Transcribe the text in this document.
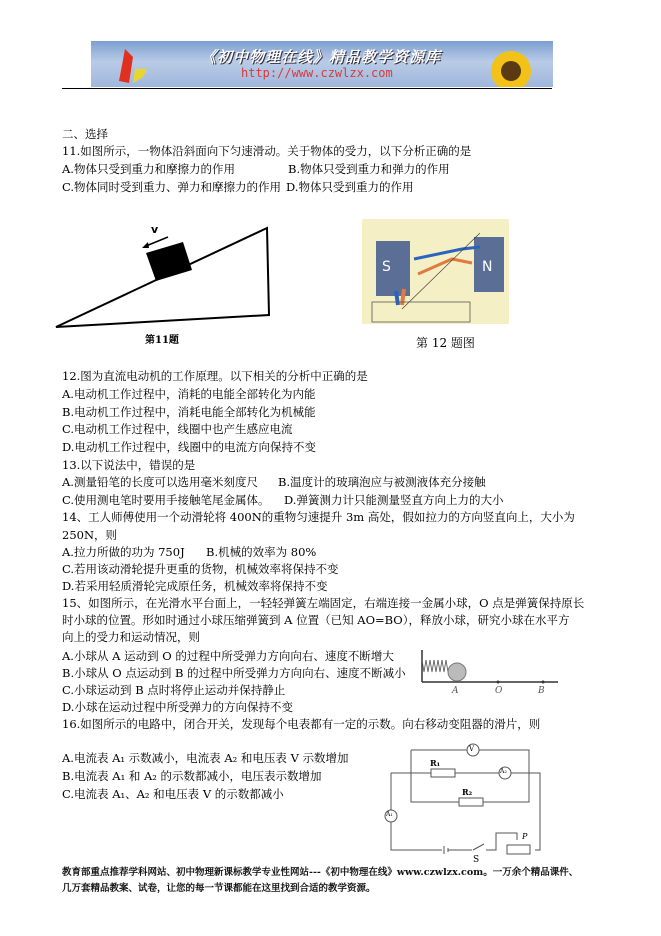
《初中物理在线》精品教学资源库
http://www.czwlzx.com
二、选择
11.如图所示，一物体沿斜面向下匀速滑动。关于物体的受力，以下分析正确的是
A.物体只受到重力和摩擦力的作用	B.物体只受到重力和弹力的作用
C.物体同时受到重力、弹力和摩擦力的作用 D.物体只受到重力的作用
v
第11题
S	N
第 12 题图
12.图为直流电动机的工作原理。以下相关的分析中正确的是
A.电动机工作过程中，消耗的电能全部转化为内能
B.电动机工作过程中，消耗电能全部转化为机械能
C.电动机工作过程中，线圈中也产生感应电流
D.电动机工作过程中，线圈中的电流方向保持不变
13.以下说法中，错误的是
A.测量铅笔的长度可以选用毫米刻度尺 B.温度计的玻璃泡应与被测液体充分接触
C.使用测电笔时要用手接触笔尾金属体。 D.弹簧测力计只能测量竖直方向上力的大小
14、工人师傅使用一个动滑轮将 400N的重物匀速提升 3m 高处，假如拉力的方向竖直向上，大小为
250N，则
A.拉力所做的功为 750J B.机械的效率为 80%
C.若用该动滑轮提升更重的货物，机械效率将保持不变
D.若采用轻质滑轮完成原任务，机械效率将保持不变
15、如图所示，在光滑水平台面上，一轻轻弹簧左端固定，右端连接一金属小球，O 点是弹簧保持原长
时小球的位置。形如时通过小球压缩弹簧到 A 位置（已知 AO=BO），释放小球，研究小球在水平方
向上的受力和运动情况，则
A.小球从 A 运动到 O 的过程中所受弹力方向向右、速度不断增大
B.小球从 O 点运动到 B 的过程中所受弹力方向向右、速度不断减小
C.小球运动到 B 点时将停止运动并保持静止
D.小球在运动过程中所受弹力的方向保持不变
A	O	B
16.如图所示的电路中，闭合开关，发现每个电表都有一定的示数。向右移动变阻器的滑片，则
A.电流表 A₁ 示数减小，电流表 A₂ 和电压表 V 示数增加
B.电流表 A₁ 和 A₂ 的示数都减小，电压表示数增加
C.电流表 A₁、A₂ 和电压表 V 的示数都减小
V
R₁
A₂
R₂
A₁
P
S
教育部重点推荐学科网站、初中物理新课标教学专业性网站---《初中物理在线》www.czwlzx.com。一万余个精品课件、
几万套精品教案、试卷，让您的每一节课都能在这里找到合适的教学资源。
